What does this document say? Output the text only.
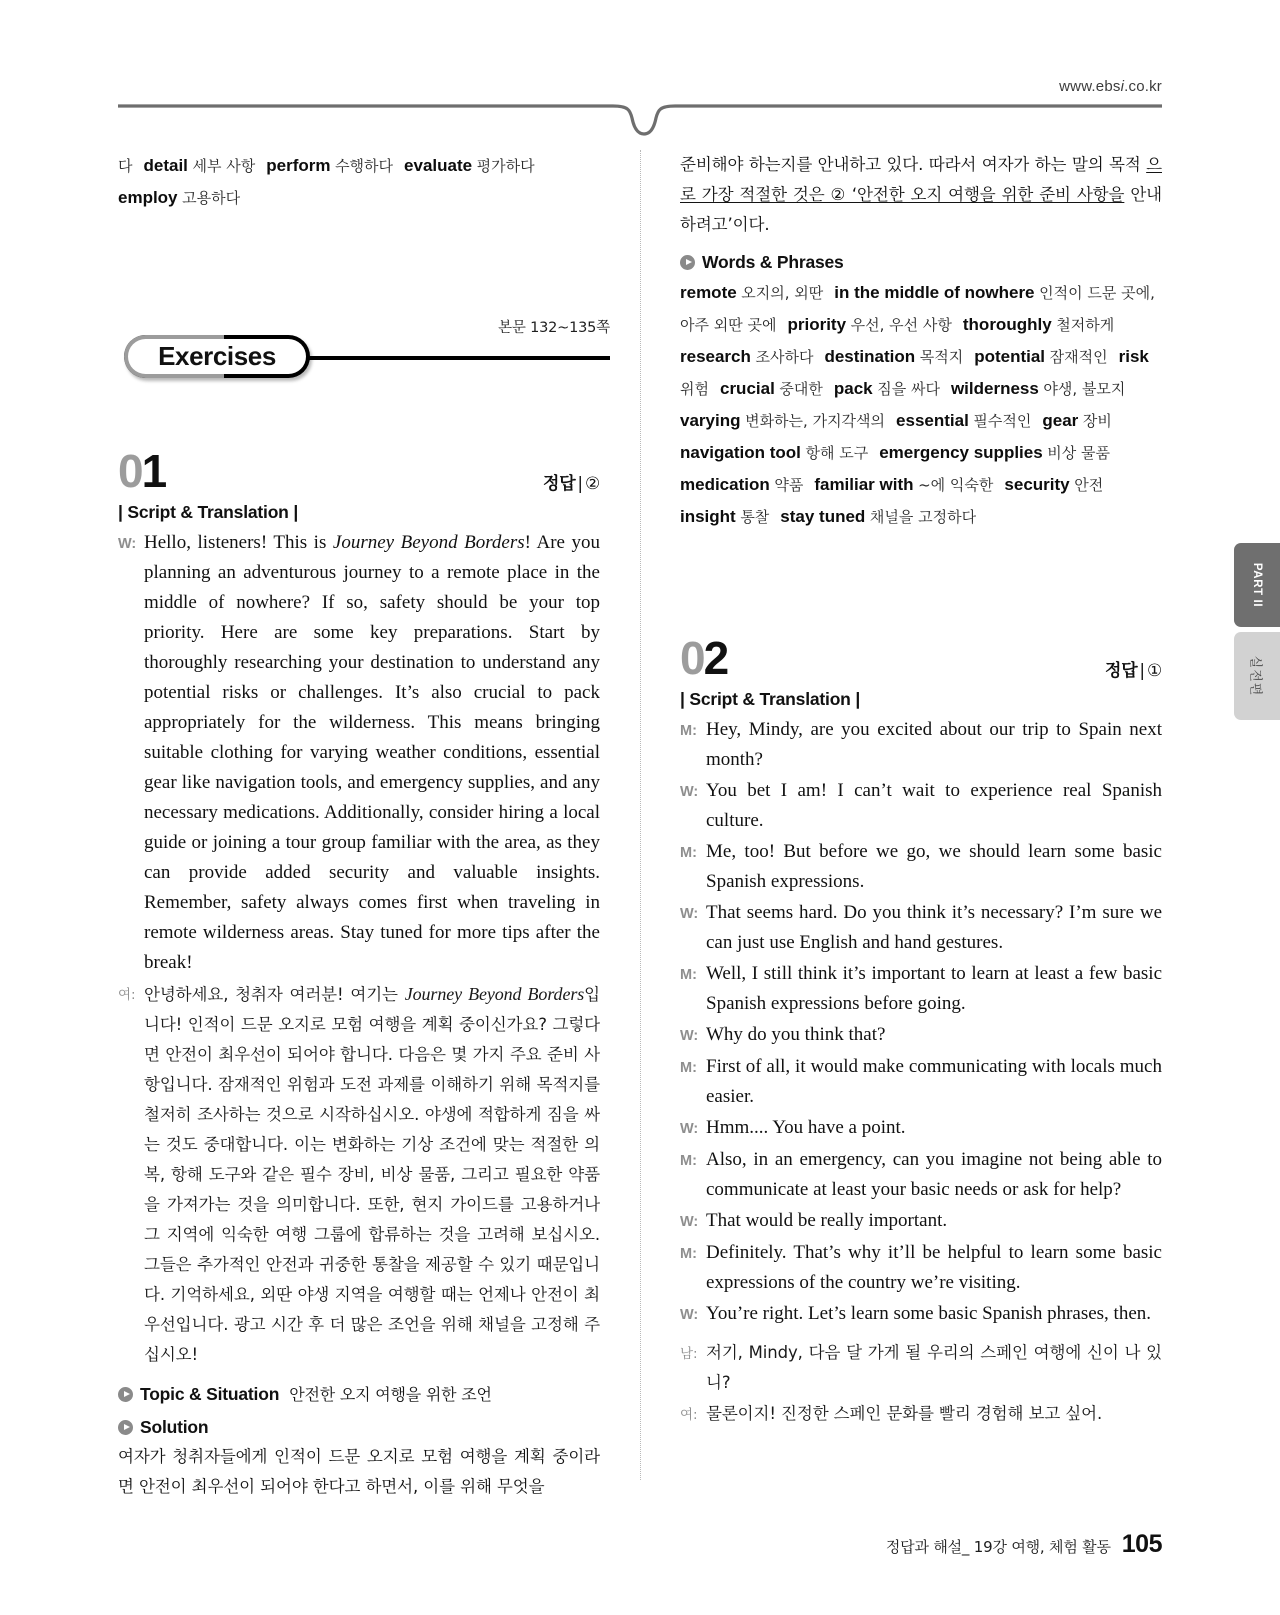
www.ebsi.co.kr
다 detail 세부 사항 perform 수행하다 evaluate 평가하다
employ 고용하다
본문 132~135쪽
Exercises
01	정답 | ②
| Script & Translation |
W: Hello, listeners! This is Journey Beyond Borders! Are you planning an adventurous journey to a remote place in the middle of nowhere? If so, safety should be your top priority. Here are some key preparations. Start by thoroughly researching your destination to understand any potential risks or challenges. It’s also crucial to pack appropriately for the wilderness. This means bringing suitable clothing for varying weather conditions, essential gear like navigation tools, and emergency supplies, and any necessary medications. Additionally, consider hiring a local guide or joining a tour group familiar with the area, as they can provide added security and valuable insights. Remember, safety always comes first when traveling in remote wilderness areas. Stay tuned for more tips after the break!
여: 안녕하세요, 청취자 여러분! 여기는 Journey Beyond Borders입니다! 인적이 드문 오지로 모험 여행을 계획 중이신가요? 그렇다면 안전이 최우선이 되어야 합니다. 다음은 몇 가지 주요 준비 사항입니다. 잠재적인 위험과 도전 과제를 이해하기 위해 목적지를 철저히 조사하는 것으로 시작하십시오. 야생에 적합하게 짐을 싸는 것도 중대합니다. 이는 변화하는 기상 조건에 맞는 적절한 의복, 항해 도구와 같은 필수 장비, 비상 물품, 그리고 필요한 약품을 가져가는 것을 의미합니다. 또한, 현지 가이드를 고용하거나 그 지역에 익숙한 여행 그룹에 합류하는 것을 고려해 보십시오. 그들은 추가적인 안전과 귀중한 통찰을 제공할 수 있기 때문입니다. 기억하세요, 외딴 야생 지역을 여행할 때는 언제나 안전이 최우선입니다. 광고 시간 후 더 많은 조언을 위해 채널을 고정해 주십시오!
Topic & Situation 안전한 오지 여행을 위한 조언
Solution
여자가 청취자들에게 인적이 드문 오지로 모험 여행을 계획 중이라면 안전이 최우선이 되어야 한다고 하면서, 이를 위해 무엇을
준비해야 하는지를 안내하고 있다. 따라서 여자가 하는 말의 목적 으로 가장 적절한 것은 ② ‘안전한 오지 여행을 위한 준비 사항을 안내하려고’이다.
Words & Phrases
remote 오지의, 외딴 in the middle of nowhere 인적이 드문 곳에, 아주 외딴 곳에 priority 우선, 우선 사항 thoroughly 철저하게research 조사하다 destination 목적지 potential 잠재적인 risk 위험 crucial 중대한 pack 짐을 싸다 wilderness 야생, 불모지varying 변화하는, 가지각색의 essential 필수적인 gear 장비navigation tool 항해 도구 emergency supplies 비상 물품medication 약품 familiar with ~에 익숙한 security 안전insight 통찰 stay tuned 채널을 고정하다
02	정답 | ①
| Script & Translation |
M: Hey, Mindy, are you excited about our trip to Spain next month?
W: You bet I am! I can’t wait to experience real Spanish culture.
M: Me, too! But before we go, we should learn some basic Spanish expressions.
W: That seems hard. Do you think it’s necessary? I’m sure we can just use English and hand gestures.
M: Well, I still think it’s important to learn at least a few basic Spanish expressions before going.
W: Why do you think that?
M: First of all, it would make communicating with locals much easier.
W: Hmm.... You have a point.
M: Also, in an emergency, can you imagine not being able to communicate at least your basic needs or ask for help?
W: That would be really important.
M: Definitely. That’s why it’ll be helpful to learn some basic expressions of the country we’re visiting.
W: You’re right. Let’s learn some basic Spanish phrases, then.
남: 저기, Mindy, 다음 달 가게 될 우리의 스페인 여행에 신이 나 있니?
여: 물론이지! 진정한 스페인 문화를 빨리 경험해 보고 싶어.
PART II
실전편
정답과 해설_ 19강 여행, 체험 활동 105
